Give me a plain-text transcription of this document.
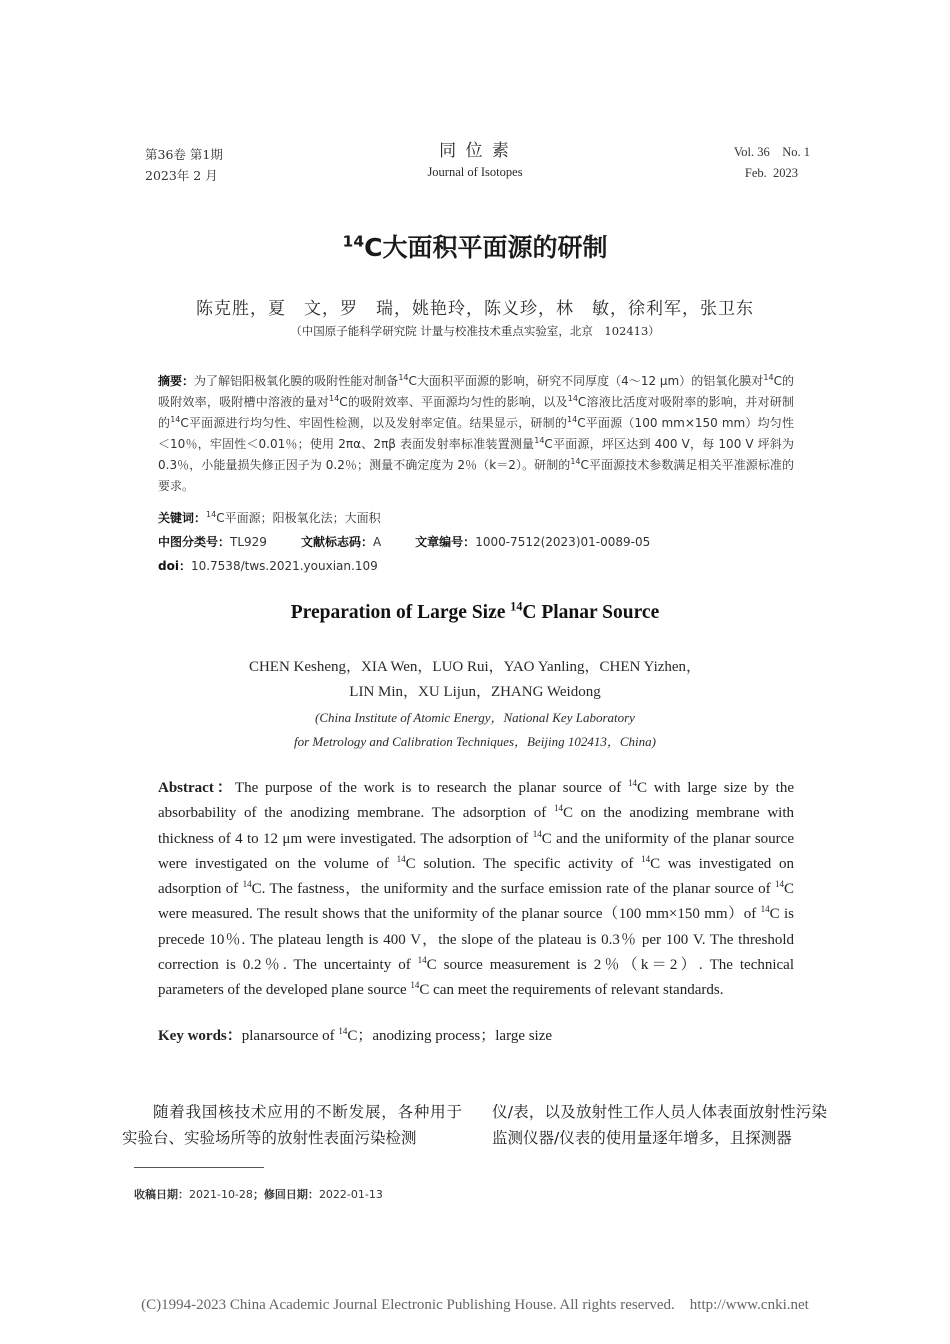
第36卷 第1期
2023年 2 月
同 位 素
Journal of Isotopes
Vol. 36    No. 1
Feb.  2023
$^{14}$C大面积平面源的研制
陈克胜，夏　文，罗　瑞，姚艳玲，陈义珍，林　敏，徐利军，张卫东
（中国原子能科学研究院 计量与校准技术重点实验室，北京　102413）
摘要：为了解铝阳极氧化膜的吸附性能对制备$^{14}$C大面积平面源的影响，研究不同厚度（4～12 μm）的铝氧化膜对$^{14}$C的吸附效率，吸附槽中溶液的量对$^{14}$C的吸附效率、平面源均匀性的影响，以及$^{14}$C溶液比活度对吸附率的影响，并对研制的$^{14}$C平面源进行均匀性、牢固性检测，以及发射率定值。结果显示，研制的$^{14}$C平面源（100 mm×150 mm）均匀性＜10％，牢固性＜0.01％；使用 2πα、2πβ 表面发射率标准装置测量$^{14}$C平面源，坪区达到 400 V，每 100 V 坪斜为 0.3％，小能量损失修正因子为 0.2％；测量不确定度为 2％（k＝2）。研制的$^{14}$C平面源技术参数满足相关平准源标准的要求。
关键词：$^{14}$C平面源；阳极氧化法；大面积
中图分类号：TL929	文献标志码：A	文章编号：1000-7512(2023)01-0089-05
doi：10.7538/tws.2021.youxian.109
Preparation of Large Size $^{14}$C Planar Source
CHEN Kesheng，XIA Wen，LUO Rui，YAO Yanling，CHEN Yizhen，
LIN Min，XU Lijun，ZHANG Weidong
(China Institute of Atomic Energy，National Key Laboratory
for Metrology and Calibration Techniques，Beijing 102413，China)
Abstract：The purpose of the work is to research the planar source of $^{14}$C with large size by the absorbability of the anodizing membrane. The adsorption of $^{14}$C on the anodizing membrane with thickness of 4 to 12 μm were investigated. The adsorption of $^{14}$C and the uniformity of the planar source were investigated on the volume of $^{14}$C solution. The specific activity of $^{14}$C was investigated on adsorption of $^{14}$C. The fastness，the uniformity and the surface emission rate of the planar source of $^{14}$C were measured. The result shows that the uniformity of the planar source（100 mm×150 mm）of $^{14}$C is precede 10％. The plateau length is 400 V，the slope of the plateau is 0.3％ per 100 V. The threshold correction is 0.2％. The uncertainty of $^{14}$C source measurement is 2％（k＝2）. The technical parameters of the developed plane source $^{14}$C can meet the requirements of relevant standards.
Key words：planarsource of $^{14}$C；anodizing process；large size
随着我国核技术应用的不断发展，各种用于实验台、实验场所等的放射性表面污染检测
仪/表，以及放射性工作人员人体表面放射性污染监测仪器/仪表的使用量逐年增多，且探测器
收稿日期：2021-10-28；修回日期：2022-01-13
(C)1994-2023 China Academic Journal Electronic Publishing House. All rights reserved.    http://www.cnki.net
